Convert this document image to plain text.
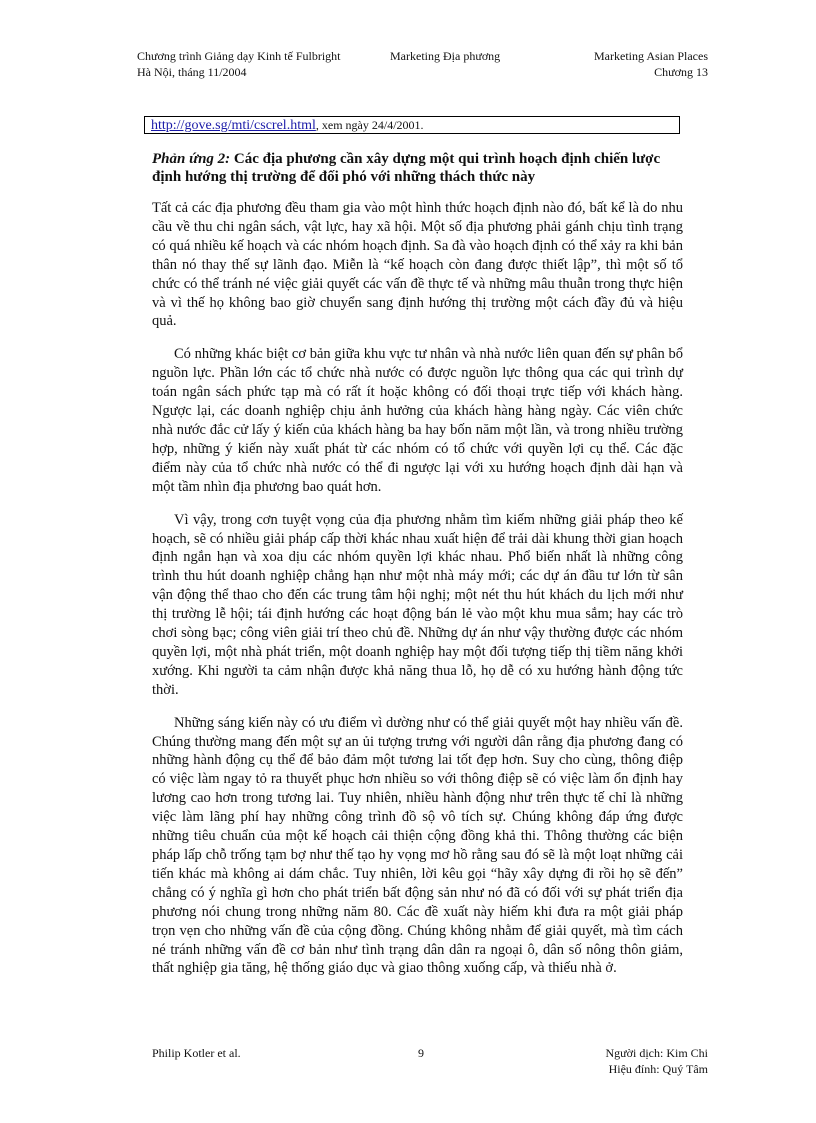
Chương trình Giảng dạy Kinh tế Fulbright
Hà Nội, tháng 11/2004
Marketing Địa phương	Marketing Asian Places
Chương 13
http://gove.sg/mti/cscrel.html, xem ngày 24/4/2001.

Phản ứng 2: Các địa phương cần xây dựng một qui trình hoạch định chiến lược định hướng thị trường để đối phó với những thách thức này

Tất cả các địa phương đều tham gia vào một hình thức hoạch định nào đó, bất kể là do nhu cầu về thu chi ngân sách, vật lực, hay xã hội. Một số địa phương phải gánh chịu tình trạng có quá nhiều kế hoạch và các nhóm hoạch định. Sa đà vào hoạch định có thể xảy ra khi bản thân nó thay thế sự lãnh đạo. Miễn là “kế hoạch còn đang được thiết lập”, thì một số tổ chức có thể tránh né việc giải quyết các vấn đề thực tế và những mâu thuẫn trong thực hiện và vì thế họ không bao giờ chuyển sang định hướng thị trường một cách đầy đủ và hiệu quả.

Có những khác biệt cơ bản giữa khu vực tư nhân và nhà nước liên quan đến sự phân bổ nguồn lực. Phần lớn các tổ chức nhà nước có được nguồn lực thông qua các qui trình dự toán ngân sách phức tạp mà có rất ít hoặc không có đối thoại trực tiếp với khách hàng. Ngược lại, các doanh nghiệp chịu ảnh hưởng của khách hàng hàng ngày. Các viên chức nhà nước đắc cử lấy ý kiến của khách hàng ba hay bốn năm một lần, và trong nhiều trường hợp, những ý kiến này xuất phát từ các nhóm có tổ chức với quyền lợi cụ thể. Các đặc điểm này của tổ chức nhà nước có thể đi ngược lại với xu hướng hoạch định dài hạn và một tầm nhìn địa phương bao quát hơn.

Vì vậy, trong cơn tuyệt vọng của địa phương nhằm tìm kiếm những giải pháp theo kế hoạch, sẽ có nhiều giải pháp cấp thời khác nhau xuất hiện để trải dài khung thời gian hoạch định ngắn hạn và xoa dịu các nhóm quyền lợi khác nhau. Phổ biến nhất là những công trình thu hút doanh nghiệp chẳng hạn như một nhà máy mới; các dự án đầu tư lớn từ sân vận động thể thao cho đến các trung tâm hội nghị; một nét thu hút khách du lịch mới như thị trường lễ hội; tái định hướng các hoạt động bán lẻ vào một khu mua sắm; hay các trò chơi sòng bạc; công viên giải trí theo chủ đề. Những dự án như vậy thường được các nhóm quyền lợi, một nhà phát triển, một doanh nghiệp hay một đối tượng tiếp thị tiềm năng khởi xướng. Khi người ta cảm nhận được khả năng thua lỗ, họ dễ có xu hướng hành động tức thời.

Những sáng kiến này có ưu điểm vì dường như có thể giải quyết một hay nhiều vấn đề. Chúng thường mang đến một sự an ủi tượng trưng với người dân rằng địa phương đang có những hành động cụ thể để bảo đảm một tương lai tốt đẹp hơn. Suy cho cùng, thông điệp có việc làm ngay tỏ ra thuyết phục hơn nhiều so với thông điệp sẽ có việc làm ổn định hay lương cao hơn trong tương lai. Tuy nhiên, nhiều hành động như trên thực tế chỉ là những việc làm lãng phí hay những công trình đồ sộ vô tích sự. Chúng không đáp ứng được những tiêu chuẩn của một kế hoạch cải thiện cộng đồng khả thi. Thông thường các biện pháp lấp chỗ trống tạm bợ như thế tạo hy vọng mơ hồ rằng sau đó sẽ là một loạt những cải tiến khác mà không ai dám chắc. Tuy nhiên, lời kêu gọi “hãy xây dựng đi rồi họ sẽ đến” chẳng có ý nghĩa gì hơn cho phát triển bất động sản như nó đã có đối với sự phát triển địa phương nói chung trong những năm 80. Các đề xuất này hiếm khi đưa ra một giải pháp trọn vẹn cho những vấn đề của cộng đồng. Chúng không nhằm để giải quyết, mà tìm cách né tránh những vấn đề cơ bản như tình trạng dân dân ra ngoại ô, dân số nông thôn giảm, thất nghiệp gia tăng, hệ thống giáo dục và giao thông xuống cấp, và thiếu nhà ở.

Philip Kotler et al.	9	Người dịch: Kim Chi
Hiệu đính: Quý Tâm
